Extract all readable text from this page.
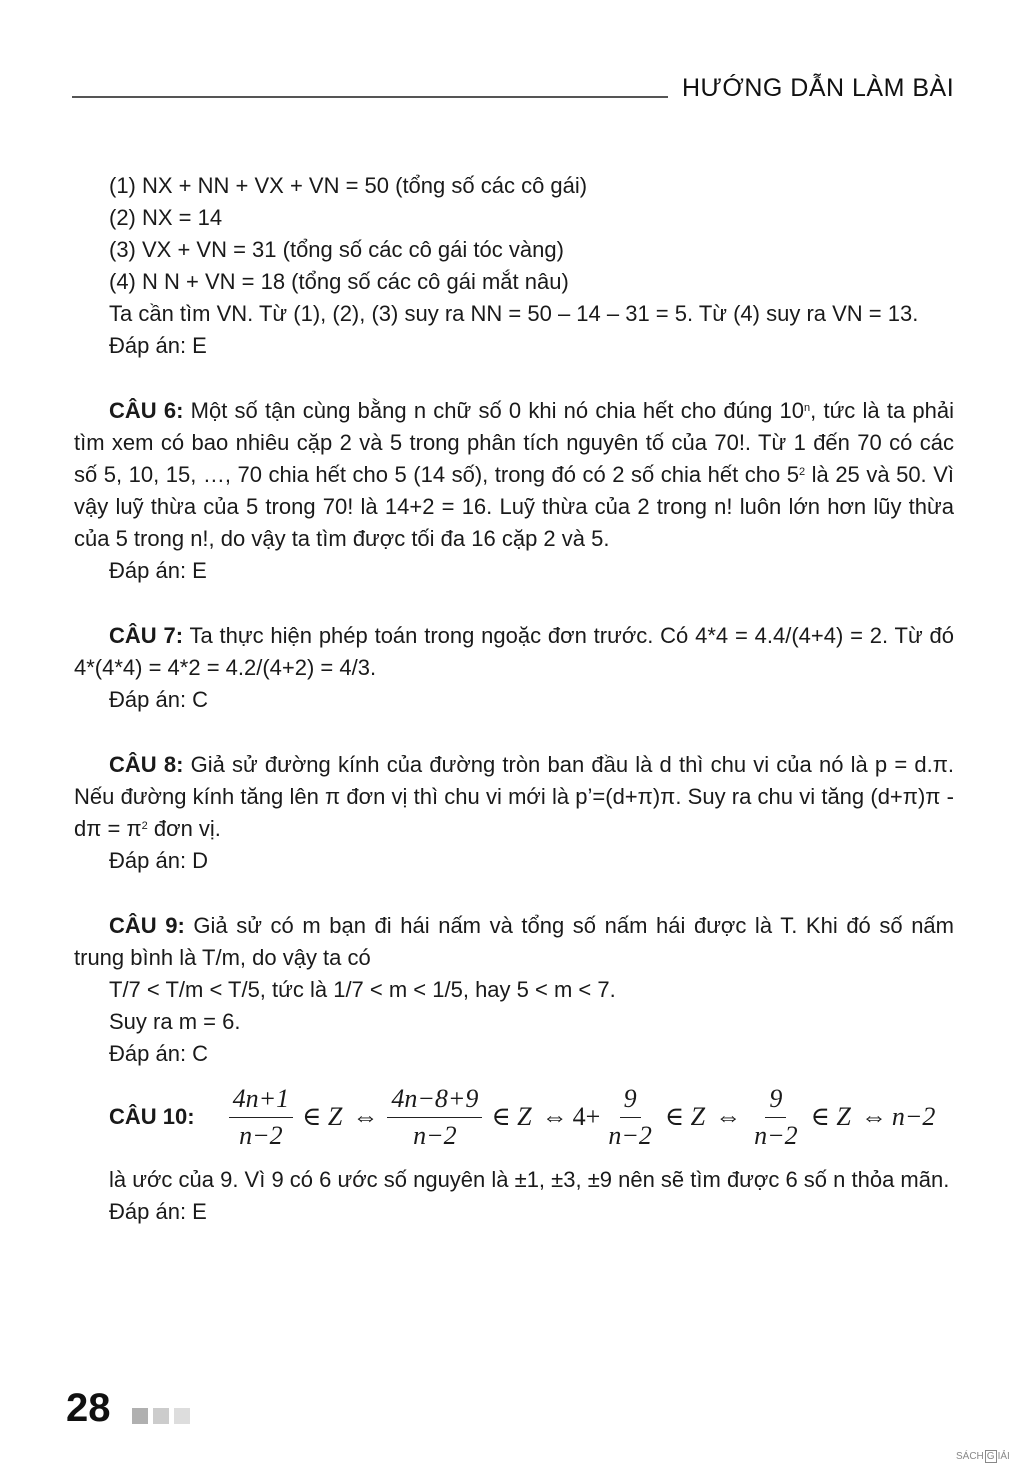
HƯỚNG DẪN LÀM BÀI
(1) NX + NN + VX + VN = 50 (tổng số các cô gái)
(2) NX = 14
(3) VX + VN = 31 (tổng số các cô gái tóc vàng)
(4) N N + VN = 18 (tổng số các cô gái mắt nâu)
Ta cần tìm VN. Từ (1), (2), (3) suy ra NN = 50 – 14 – 31 = 5. Từ (4) suy ra VN = 13.
Đáp án: E
CÂU 6: Một số tận cùng bằng n chữ số 0 khi nó chia hết cho đúng 10$^n$, tức là ta phải tìm xem có bao nhiêu cặp 2 và 5 trong phân tích nguyên tố của 70!. Từ 1 đến 70 có các số 5, 10, 15, …, 70 chia hết cho 5 (14 số), trong đó có 2 số chia hết cho $5^2$ là 25 và 50. Vì vậy luỹ thừa của 5 trong 70! là 14+2 = 16. Luỹ thừa của 2 trong n! luôn lớn hơn lũy thừa của 5 trong n!, do vậy ta tìm được tối đa 16 cặp 2 và 5.
Đáp án: E
CÂU 7: Ta thực hiện phép toán trong ngoặc đơn trước. Có 4*4 = 4.4/(4+4) = 2. Từ đó 4*(4*4) = 4*2 = 4.2/(4+2) = 4/3.
Đáp án: C
CÂU 8: Giả sử đường kính của đường tròn ban đầu là d thì chu vi của nó là p = d.π. Nếu đường kính tăng lên π đơn vị thì chu vi mới là p’=(d+π)π. Suy ra chu vi tăng $(d+\pi)\pi - d\pi = \pi^2$ đơn vị.
Đáp án: D
CÂU 9: Giả sử có m bạn đi hái nấm và tổng số nấm hái được là T. Khi đó số nấm trung bình là T/m, do vậy ta có
T/7 < T/m < T/5, tức là 1/7 < m < 1/5, hay 5 < m < 7.
Suy ra m = 6.
Đáp án: C
CÂU 10: $\frac{4n+1}{n-2}$ ∈ Z ⇔ $\frac{4n-8+9}{n-2}$ ∈ Z ⇔ $4+ \frac{9}{n-2}$ ∈ Z ⇔ $\frac{9}{n-2}$ ∈ Z ⇔ n−2
là ước của 9. Vì 9 có 6 ước số nguyên là ±1, ±3, ±9 nên sẽ tìm được 6 số n thỏa mãn.
Đáp án: E
28
SÁCH G IẢI
